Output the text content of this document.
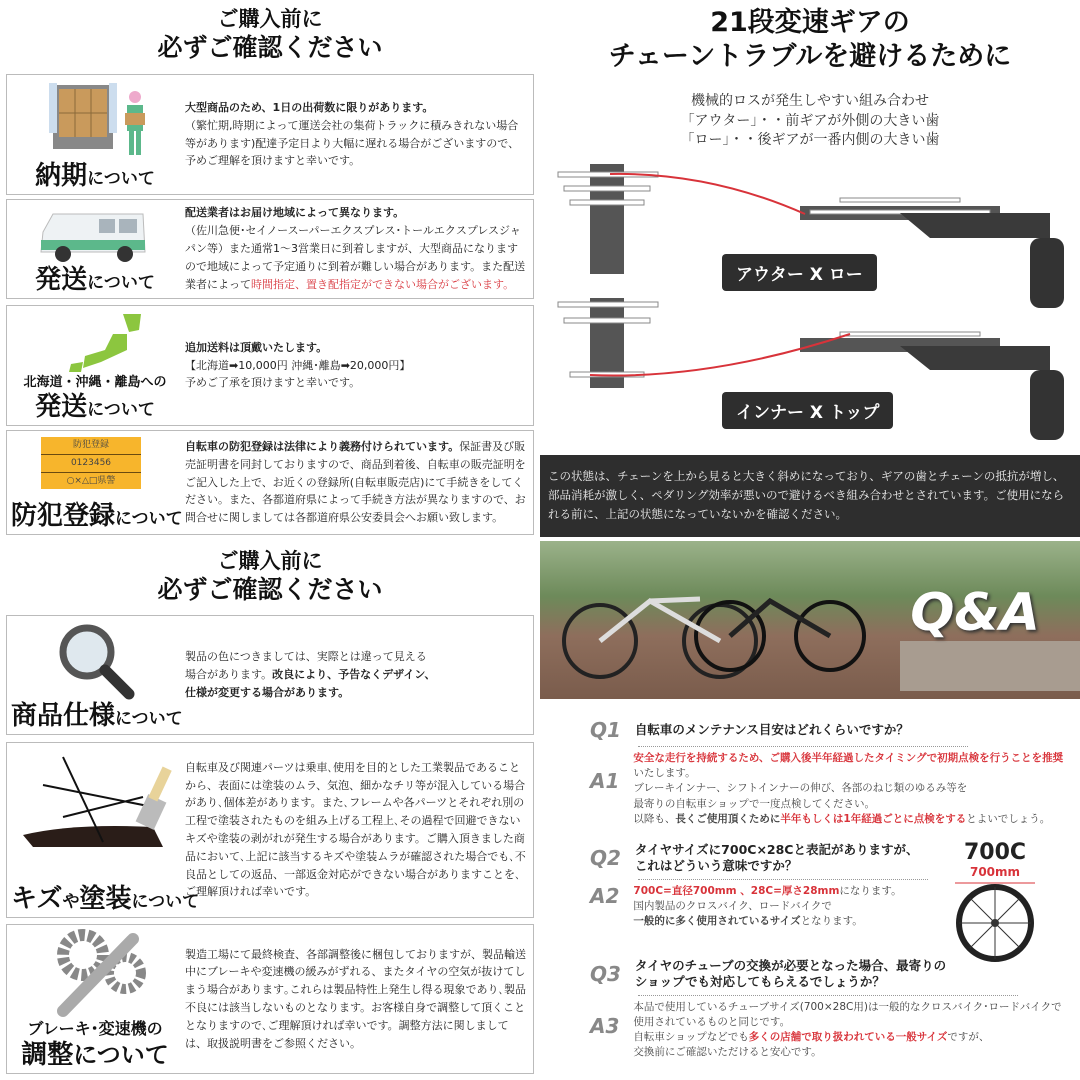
ご購入前に
必ずご確認ください
納期について
大型商品のため、1日の出荷数に限りがあります。
（繁忙期,時期によって運送会社の集荷トラックに積みきれない場合等があります)配達予定日より大幅に遅れる場合がございますので、予めご理解を頂けますと幸いです。
発送について
配送業者はお届け地域によって異なります。
（佐川急便･セイノースーパーエクスプレス･トールエクスプレスジャパン等）また通常1～3営業日に到着しますが、大型商品になりますので地域によって予定通りに到着が難しい場合があります。また配送業者によって時間指定、置き配指定ができない場合がございます。
北海道・沖縄・離島への
発送について
追加送料は頂戴いたします。
【北海道➡10,000円 沖縄･離島➡20,000円】
予めご了承を頂けますと幸いです。
防犯登録
0123456
○×△□県警
防犯登録について
自転車の防犯登録は法律により義務付けられています。保証書及び販売証明書を同封しておりますので、商品到着後、自転車の販売証明をご記入した上で、お近くの登録所(自転車販売店)にて手続きをしてください。また、各都道府県によって手続き方法が異なりますので、お問合せに関しましては各都道府県公安委員会へお願い致します。
ご購入前に
必ずご確認ください
商品仕様について
製品の色につきましては、実際とは違って見える場合があります。改良により、予告なくデザイン、仕様が変更する場合があります。
キズや塗装について
自転車及び関連パーツは乗車､使用を目的とした工業製品であることから、表面には塗装のムラ、気泡、細かなチリ等が混入している場合があり､個体差があります。また､フレームや各パーツとそれぞれ別の工程で塗装されたものを組み上げる工程上､その過程で回避できないキズや塗装の剥がれが発生する場合があります。ご購入頂きました商品において､上記に該当するキズや塗装ムラが確認された場合でも､不良品としての返品、一部返金対応ができない場合がありますことを､ご理解頂ければ幸いです。
ブレーキ･変速機の
調整について
製造工場にて最終検査、各部調整後に梱包しておりますが、製品輸送中にブレーキや変速機の緩みがずれる、またタイヤの空気が抜けてしまう場合があります｡これらは製品特性上発生し得る現象であり､製品不良には該当しないものとなります。お客様自身で調整して頂くこととなりますので､ご理解頂ければ幸いです。調整方法に関しましては、取扱説明書をご参照ください。
21段変速ギアの
チェーントラブルを避けるために
機械的ロスが発生しやすい組み合わせ
「アウター」・・前ギアが外側の大きい歯
「ロー」・・後ギアが一番内側の大きい歯
アウター X ロー
インナー X トップ
この状態は、チェーンを上から見ると大きく斜めになっており、ギアの歯とチェーンの抵抗が増し、部品消耗が激しく、ペダリング効率が悪いので避けるべき組み合わせとされています。ご使用になられる前に、上記の状態になっていないかを確認ください。
Q&A
Q1 自転車のメンテナンス目安はどれくらいですか？
A1
安全な走行を持続するため、ご購入後半年経過したタイミングで初期点検を行うことを推奨いたします。
ブレーキインナー、シフトインナーの伸び、各部のねじ類のゆるみ等を
最寄りの自転車ショップで一度点検してください。
以降も、長くご使用頂くために半年もしくは1年経過ごとに点検をするとよいでしょう。
Q2 タイヤサイズに700C×28Cと表記がありますが、これはどういう意味ですか？
A2 700C=直径700mm 、28C=厚さ28mmになります。
国内製品のクロスバイク、ロードバイクで
一般的に多く使用されているサイズとなります。
700C
700mm
Q3 タイヤのチューブの交換が必要となった場合、最寄りのショップでも対応してもらえるでしょうか？
A3
本品で使用しているチューブサイズ(700×28C用)は一般的なクロスバイク･ロードバイクで
使用されているものと同じです。
自転車ショップなどでも多くの店舗で取り扱われている一般サイズですが、
交換前にご確認いただけると安心です。
